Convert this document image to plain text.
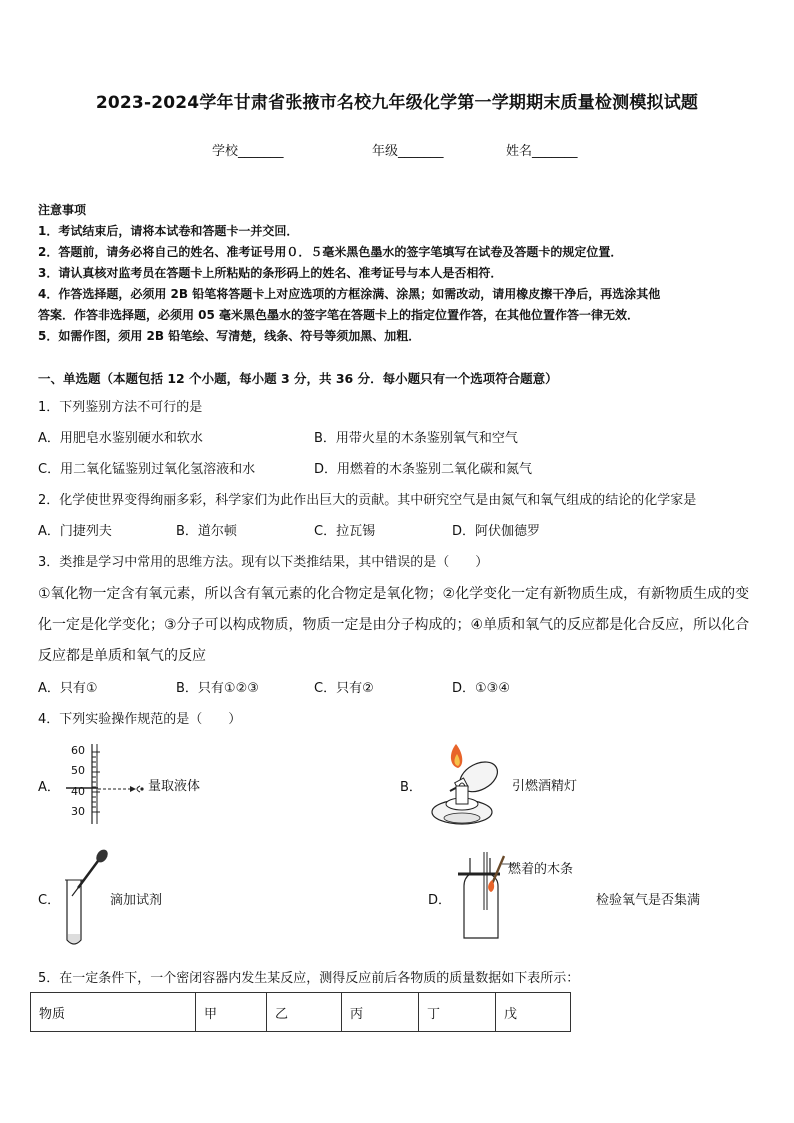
2023-2024学年甘肃省张掖市名校九年级化学第一学期期末质量检测模拟试题
学校_______	年级_______	姓名_______
注意事项
1．考试结束后，请将本试卷和答题卡一并交回．
2．答题前，请务必将自己的姓名、准考证号用０．５毫米黑色墨水的签字笔填写在试卷及答题卡的规定位置．
3．请认真核对监考员在答题卡上所粘贴的条形码上的姓名、准考证号与本人是否相符．
4．作答选择题，必须用 2B 铅笔将答题卡上对应选项的方框涂满、涂黑；如需改动，请用橡皮擦干净后，再选涂其他
答案．作答非选择题，必须用 05 毫米黑色墨水的签字笔在答题卡上的指定位置作答，在其他位置作答一律无效．
5．如需作图，须用 2B 铅笔绘、写清楚，线条、符号等须加黑、加粗．
一、单选题（本题包括 12 个小题，每小题 3 分，共 36 分．每小题只有一个选项符合题意）
1．下列鉴别方法不可行的是
A．用肥皂水鉴别硬水和软水	B．用带火星的木条鉴别氧气和空气
C．用二氧化锰鉴别过氧化氢溶液和水	D．用燃着的木条鉴别二氧化碳和氮气
2．化学使世界变得绚丽多彩，科学家们为此作出巨大的贡献。其中研究空气是由氮气和氧气组成的结论的化学家是
A．门捷列夫	B．道尔顿	C．拉瓦锡	D．阿伏伽德罗
3．类推是学习中常用的思维方法。现有以下类推结果，其中错误的是（　　）
①氧化物一定含有氧元素，所以含有氧元素的化合物定是氧化物；②化学变化一定有新物质生成，有新物质生成的变
化一定是化学变化；③分子可以构成物质，物质一定是由分子构成的；④单质和氧气的反应都是化合反应，所以化合
反应都是单质和氧气的反应
A．只有①	B．只有①②③	C．只有②	D．①③④
4．下列实验操作规范的是（　　）
A．
60
50
40
30
量取液体	B．	引燃酒精灯
C．	滴加试剂	D．
燃着的木条
检验氧气是否集满
5．在一定条件下，一个密闭容器内发生某反应，测得反应前后各物质的质量数据如下表所示：
物质	甲	乙	丙	丁	戊
